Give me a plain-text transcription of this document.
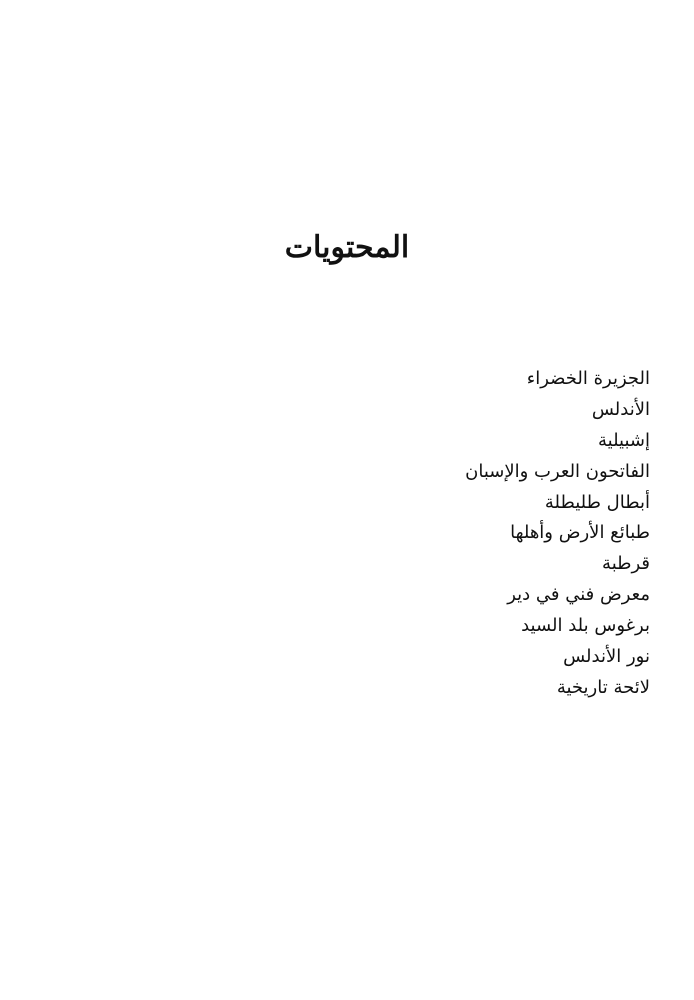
المحتويات
الجزيرة الخضراء
الأندلس
إشبيلية
الفاتحون العرب والإسبان
أبطال طليطلة
طبائع الأرض وأهلها
قرطبة
معرض فني في دير
برغوس بلد السيد
نور الأندلس
لائحة تاريخية
